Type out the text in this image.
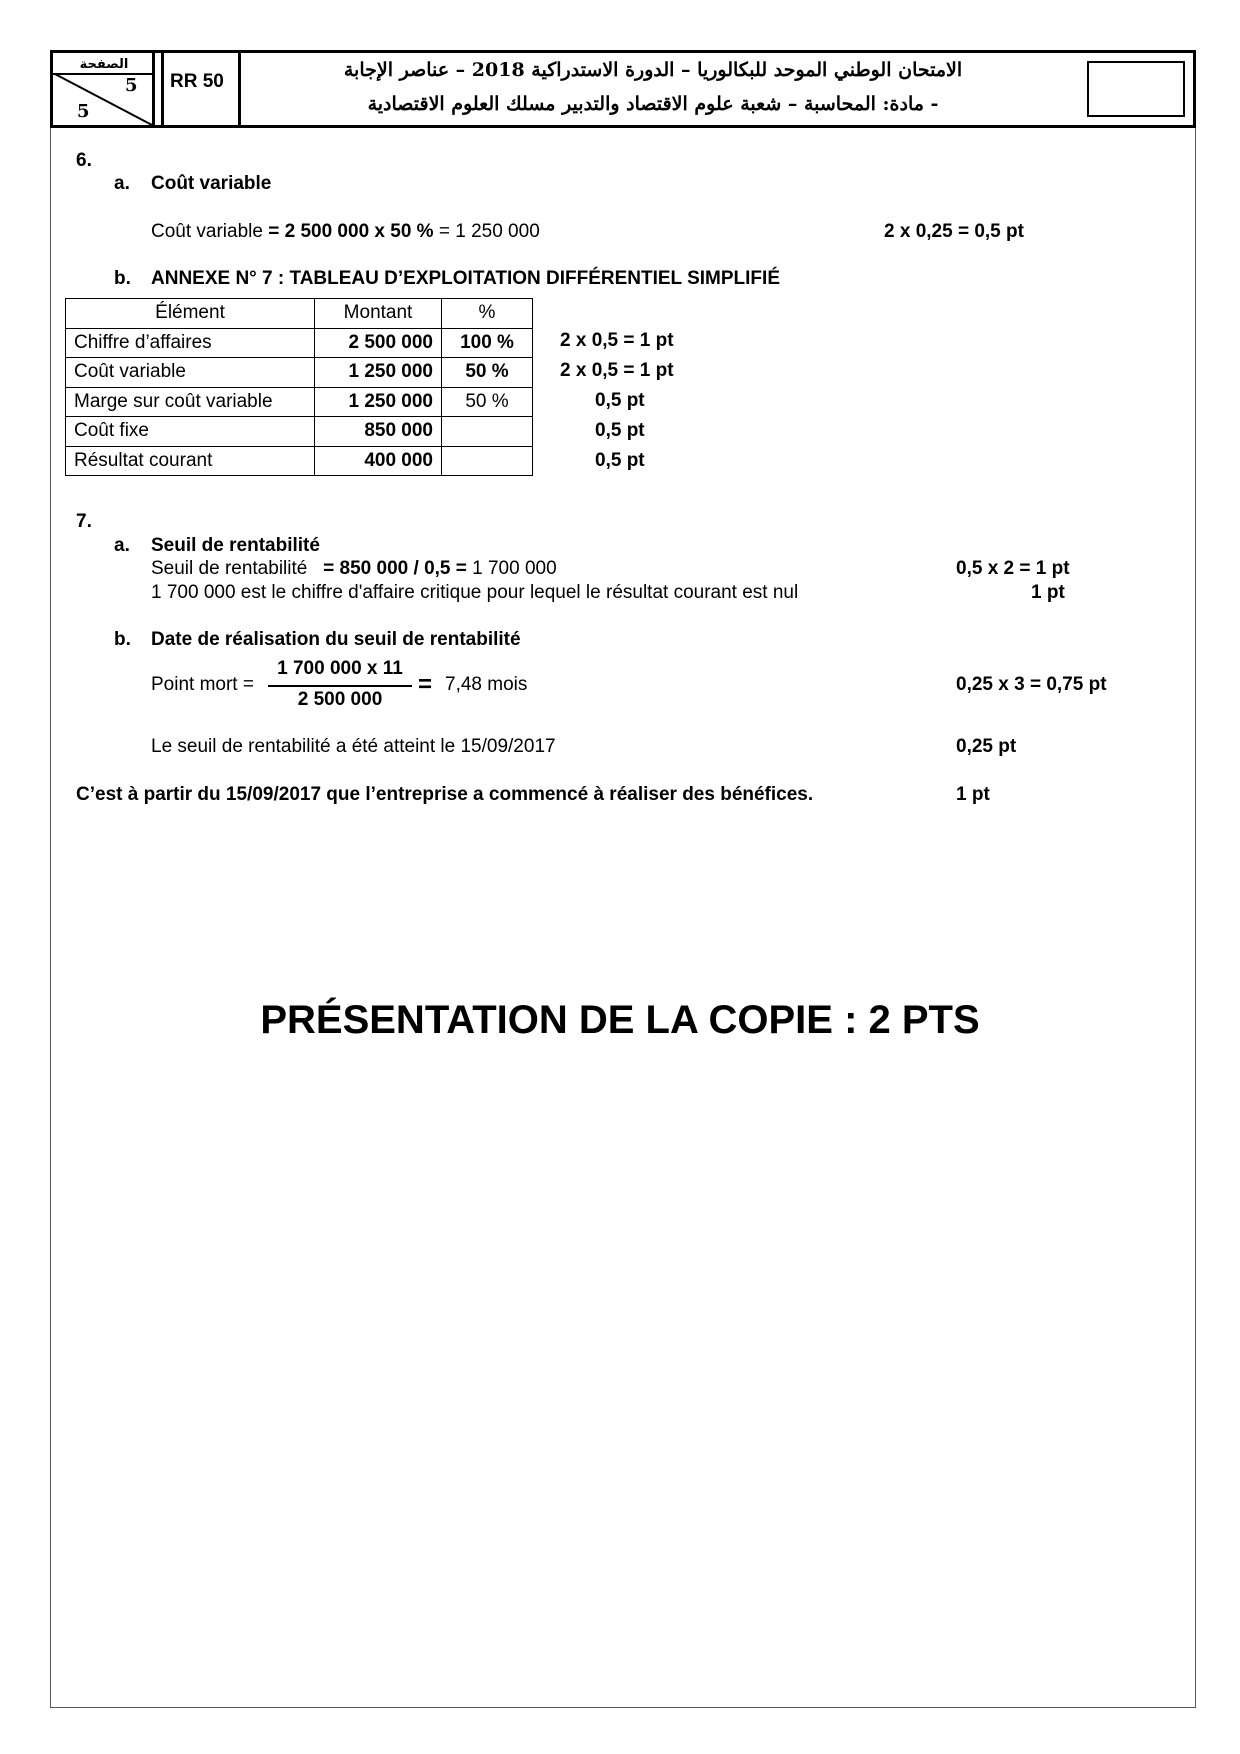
الصفحة
5
5
RR 50
الامتحان الوطني الموحد للبكالوريا – الدورة الاستدراكية 2018 – عناصر الإجابة
- مادة: المحاسبة – شعبة علوم الاقتصاد والتدبير مسلك العلوم الاقتصادية
6.
a. Coût variable
Coût variable = 2 500 000 x 50 % = 1 250 000	2 x 0,25 = 0,5 pt
b. ANNEXE N° 7 : TABLEAU D’EXPLOITATION DIFFÉRENTIEL SIMPLIFIÉ
Élément	Montant	%
Chiffre d’affaires	2 500 000	100 %
Coût variable	1 250 000	50 %
Marge sur coût variable	1 250 000	50 %
Coût fixe	850 000	
Résultat courant	400 000	
2 x 0,5 = 1 pt
2 x 0,5 = 1 pt
0,5 pt
0,5 pt
0,5 pt
7.
a. Seuil de rentabilité
Seuil de rentabilité   = 850 000 / 0,5 = 1 700 000	0,5 x 2 = 1 pt
1 700 000 est le chiffre d'affaire critique pour lequel le résultat courant est nul	1 pt
b. Date de réalisation du seuil de rentabilité
Point mort =
1 700 000 x 11
2 500 000
= 7,48 mois	0,25 x 3 = 0,75 pt
Le seuil de rentabilité a été atteint le 15/09/2017	0,25 pt
C’est à partir du 15/09/2017 que l’entreprise a commencé à réaliser des bénéfices.	1 pt
PRÉSENTATION DE LA COPIE : 2 PTS
